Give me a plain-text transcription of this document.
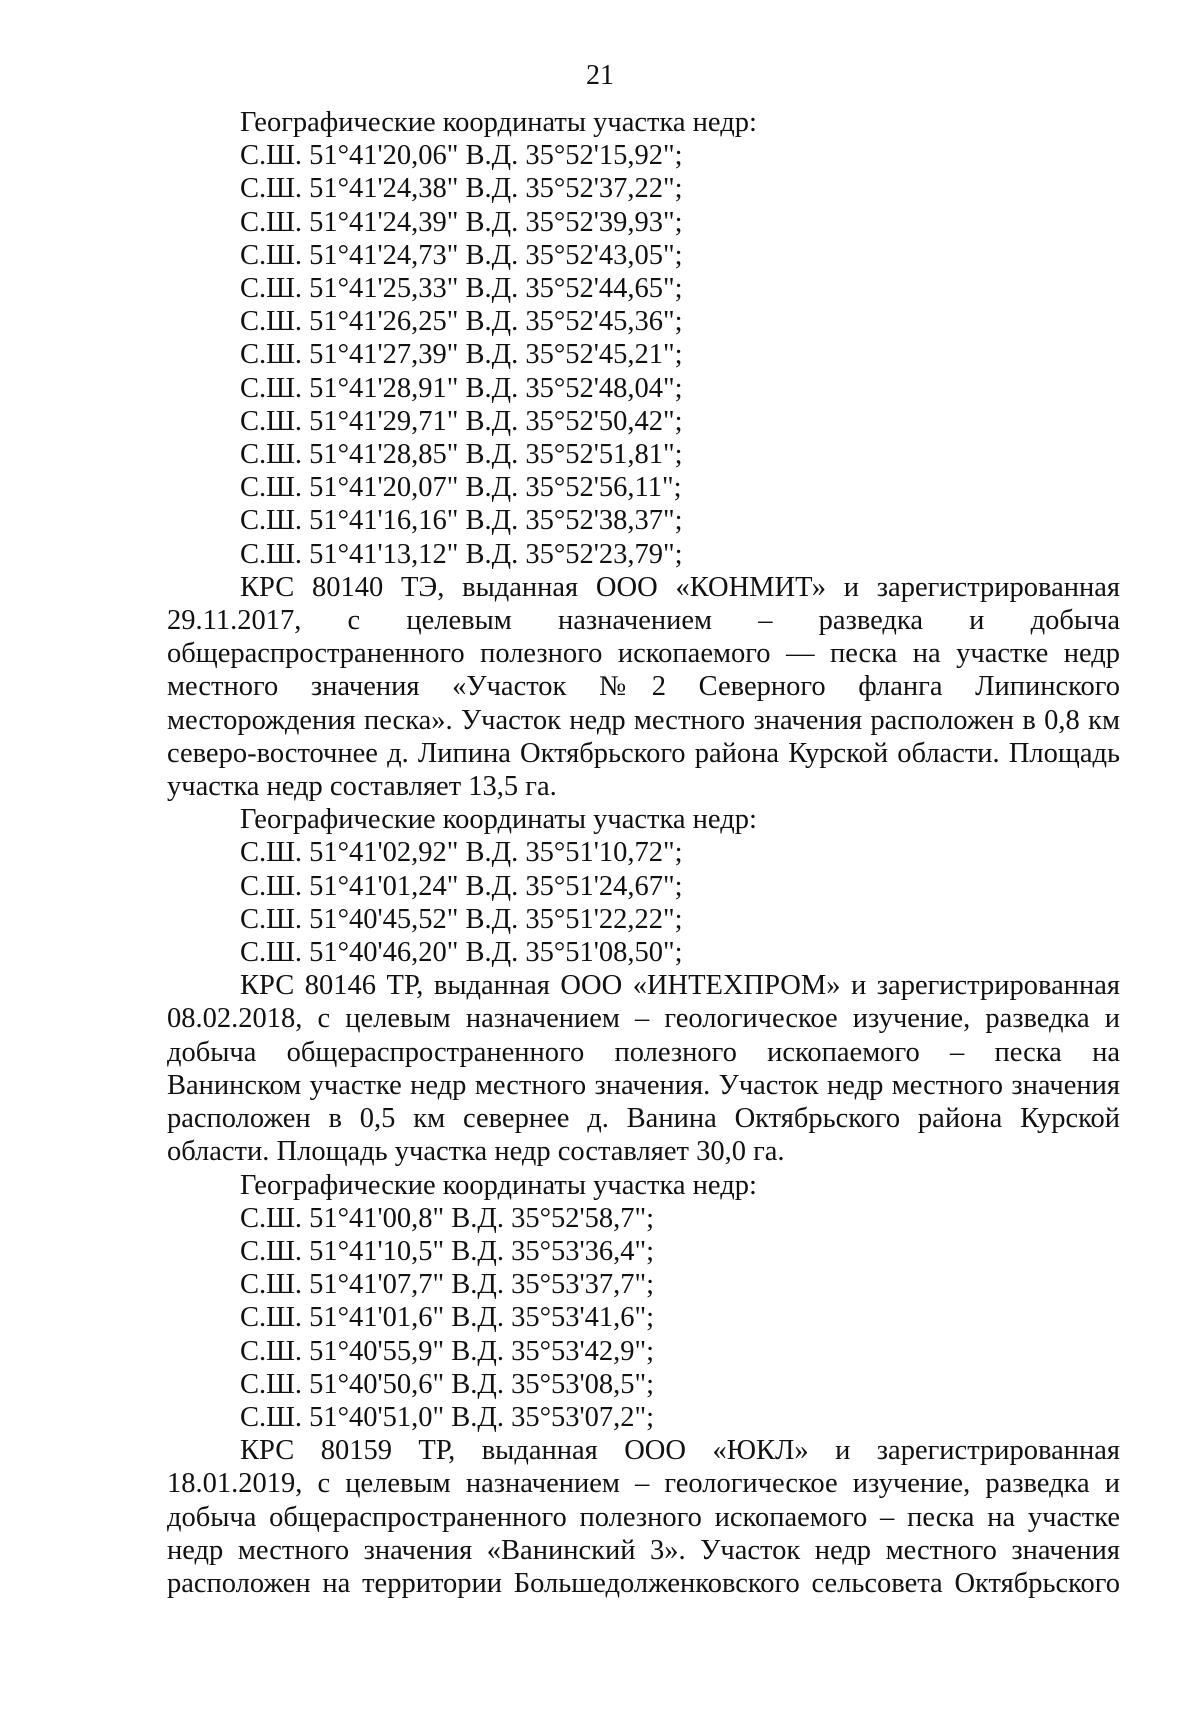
21
Географические координаты участка недр:
С.Ш. 51°41'20,06" В.Д. 35°52'15,92";
С.Ш. 51°41'24,38" В.Д. 35°52'37,22";
С.Ш. 51°41'24,39" В.Д. 35°52'39,93";
С.Ш. 51°41'24,73" В.Д. 35°52'43,05";
С.Ш. 51°41'25,33" В.Д. 35°52'44,65";
С.Ш. 51°41'26,25" В.Д. 35°52'45,36";
С.Ш. 51°41'27,39" В.Д. 35°52'45,21";
С.Ш. 51°41'28,91" В.Д. 35°52'48,04";
С.Ш. 51°41'29,71" В.Д. 35°52'50,42";
С.Ш. 51°41'28,85" В.Д. 35°52'51,81";
С.Ш. 51°41'20,07" В.Д. 35°52'56,11";
С.Ш. 51°41'16,16" В.Д. 35°52'38,37";
С.Ш. 51°41'13,12" В.Д. 35°52'23,79";
КРС 80140 ТЭ, выданная ООО «КОНМИТ» и зарегистрированная 29.11.2017, с целевым назначением – разведка и добыча общераспространенного полезного ископаемого — песка на участке недр местного значения «Участок №2 Северного фланга Липинского месторождения песка». Участок недр местного значения расположен в 0,8 км северо-восточнее д. Липина Октябрьского района Курской области. Площадь участка недр составляет 13,5 га.
Географические координаты участка недр:
С.Ш. 51°41'02,92" В.Д. 35°51'10,72";
С.Ш. 51°41'01,24" В.Д. 35°51'24,67";
С.Ш. 51°40'45,52" В.Д. 35°51'22,22";
С.Ш. 51°40'46,20" В.Д. 35°51'08,50";
КРС 80146 ТР, выданная ООО «ИНТЕХПРОМ» и зарегистрированная 08.02.2018, с целевым назначением – геологическое изучение, разведка и добыча общераспространенного полезного ископаемого – песка на Ванинском участке недр местного значения. Участок недр местного значения расположен в 0,5 км севернее д. Ванина Октябрьского района Курской области. Площадь участка недр составляет 30,0 га.
Географические координаты участка недр:
С.Ш. 51°41'00,8" В.Д. 35°52'58,7";
С.Ш. 51°41'10,5" В.Д. 35°53'36,4";
С.Ш. 51°41'07,7" В.Д. 35°53'37,7";
С.Ш. 51°41'01,6" В.Д. 35°53'41,6";
С.Ш. 51°40'55,9" В.Д. 35°53'42,9";
С.Ш. 51°40'50,6" В.Д. 35°53'08,5";
С.Ш. 51°40'51,0" В.Д. 35°53'07,2";
КРС 80159 ТР, выданная ООО «ЮКЛ» и зарегистрированная 18.01.2019, с целевым назначением – геологическое изучение, разведка и добыча общераспространенного полезного ископаемого – песка на участке недр местного значения «Ванинский 3». Участок недр местного значения расположен на территории Большедолженковского сельсовета Октябрьского
